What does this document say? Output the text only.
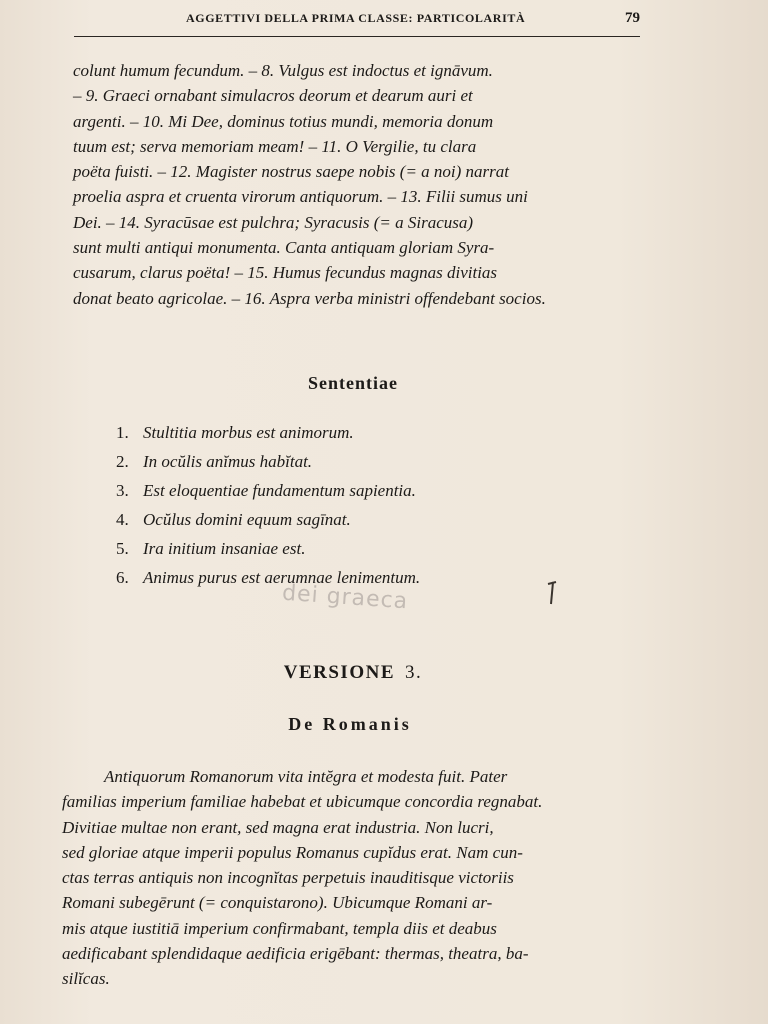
AGGETTIVI DELLA PRIMA CLASSE: PARTICOLARITÀ	79
colunt humum fecundum. – 8. Vulgus est indoctus et ignāvum.
– 9. Graeci ornabant simulacros deorum et dearum auri et
argenti. – 10. Mi Dee, dominus totius mundi, memoria donum
tuum est; serva memoriam meam! – 11. O Vergilie, tu clara
poëta fuisti. – 12. Magister nostrus saepe nobis (= a noi) narrat
proelia aspra et cruenta virorum antiquorum. – 13. Filii sumus uni
Dei. – 14. Syracūsae est pulchra; Syracusis (= a Siracusa)
sunt multi antiqui monumenta. Canta antiquam gloriam Syra-
cusarum, clarus poëta! – 15. Humus fecundus magnas divitias
donat beato agricolae. – 16. Aspra verba ministri offendebant socios.
Sententiae
1. Stultitia morbus est animorum.
2. In ocŭlis anĭmus habĭtat.
3. Est eloquentiae fundamentum sapientia.
4. Ocŭlus domini equum sagīnat.
5. Ira initium insaniae est.
6. Animus purus est aerumnae lenimentum.
dei graeca
VERSIONE 3.
De Romanis
Antiquorum Romanorum vita intĕgra et modesta fuit. Pater
familias imperium familiae habebat et ubicumque concordia regnabat.
Divitiae multae non erant, sed magna erat industria. Non lucri,
sed gloriae atque imperii populus Romanus cupĭdus erat. Nam cun-
ctas terras antiquis non incognĭtas perpetuis inauditisque victoriis
Romani subegērunt (= conquistarono). Ubicumque Romani ar-
mis atque iustitiā imperium confirmabant, templa diis et deabus
aedificabant splendidaque aedificia erigēbant: thermas, theatra, ba-
silĭcas.
